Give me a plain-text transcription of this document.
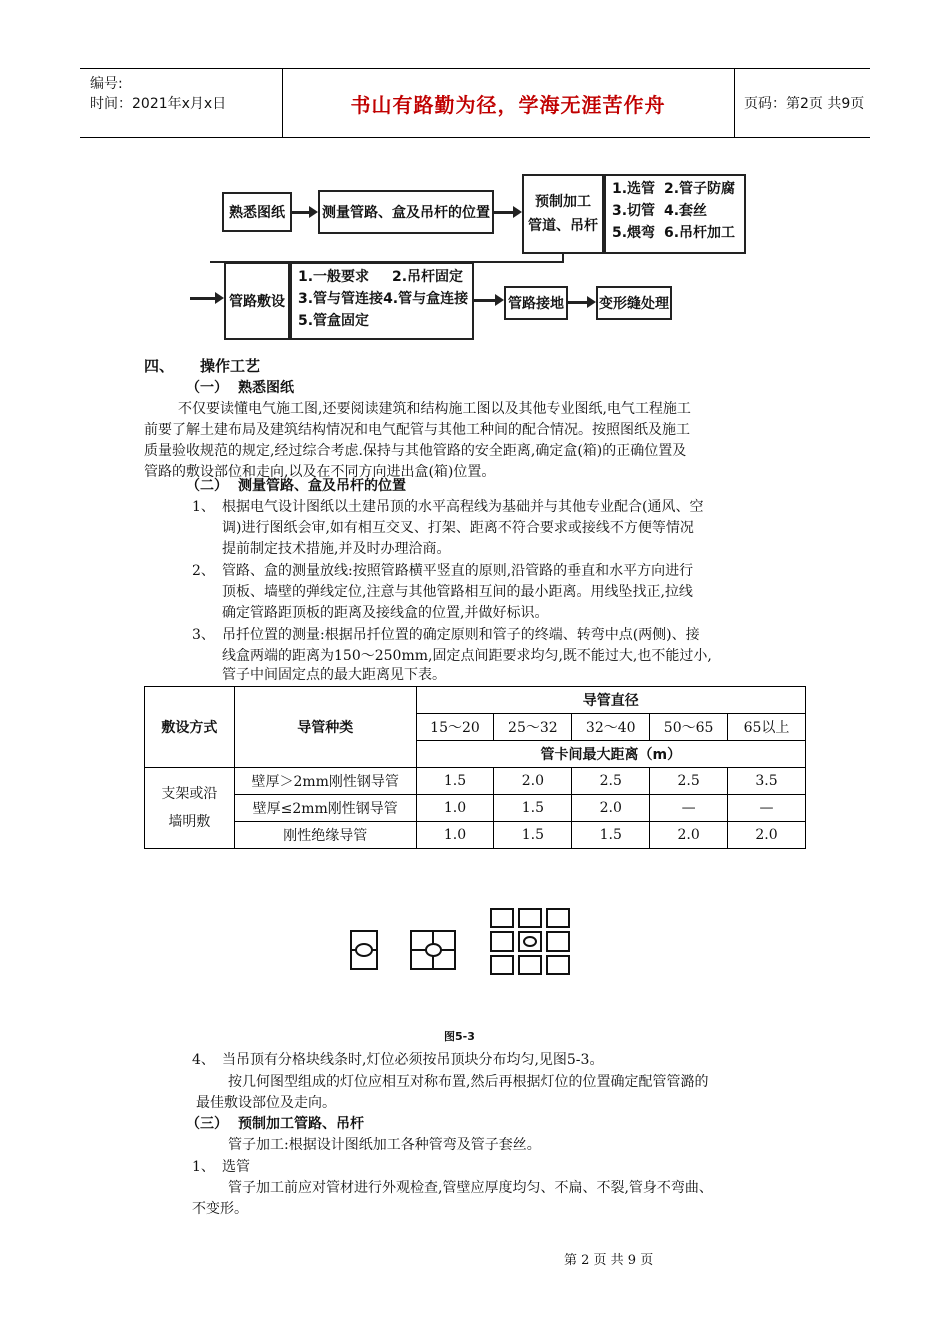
编号:
时间：2021年x月x日	书山有路勤为径，学海无涯苦作舟	页码：第2页 共9页
熟悉图纸	测量管路、盒及吊杆的位置
预制加工
管道、吊杆
1.选管 2.管子防腐
3.切管 4.套丝
5.煨弯 6.吊杆加工
管路敷设
1.一般要求	2.吊杆固定
3.管与管连接 4.管与盒连接
5.管盒固定
管路接地	变形缝处理
四、 操作工艺
（一） 熟悉图纸
不仅要读懂电气施工图,还要阅读建筑和结构施工图以及其他专业图纸,电气工程施工
前要了解土建布局及建筑结构情况和电气配管与其他工种间的配合情况。按照图纸及施工
质量验收规范的规定,经过综合考虑.保持与其他管路的安全距离,确定盒(箱)的正确位置及
管路的敷设部位和走向,以及在不同方向进出盒(箱)位置。
（二） 测量管路、盒及吊杆的位置
1、 根据电气设计图纸以土建吊顶的水平高程线为基础并与其他专业配合(通风、空
调)进行图纸会审,如有相互交叉、打架、距离不符合要求或接线不方便等情况
提前制定技术措施,并及时办理洽商。
2、 管路、盒的测量放线:按照管路横平竖直的原则,沿管路的垂直和水平方向进行
顶板、墙壁的弹线定位,注意与其他管路相互间的最小距离。用线坠找正,拉线
确定管路距顶板的距离及接线盒的位置,并做好标识。
3、 吊扦位置的测量:根据吊扦位置的确定原则和管子的终端、转弯中点(两侧)、接
线盒两端的距离为150～250mm,固定点间距要求均匀,既不能过大,也不能过小,
管子中间固定点的最大距离见下表。
敷设方式	导管种类	导管直径				
		15～20	25～32	32～40	50～65	65以上
		管卡间最大距离（m）				
支架或沿
墙明敷	壁厚＞2mm刚性钢导管	1.5	2.0	2.5	2.5	3.5
	壁厚≤2mm刚性钢导管	1.0	1.5	2.0	—	—
	刚性绝缘导管	1.0	1.5	1.5	2.0	2.0
图5-3
4、 当吊顶有分格块线条时,灯位必须按吊顶块分布均匀,见图5-3。
按几何图型组成的灯位应相互对称布置,然后再根据灯位的位置确定配管管潞的
最佳敷设部位及走向。
（三） 预制加工管路、吊杆
管子加工:根据设计图纸加工各种管弯及管子套丝。
1、 选管
管子加工前应对管材进行外观检查,管壁应厚度均匀、不扁、不裂,管身不弯曲、
不变形。
第 2 页 共 9 页
